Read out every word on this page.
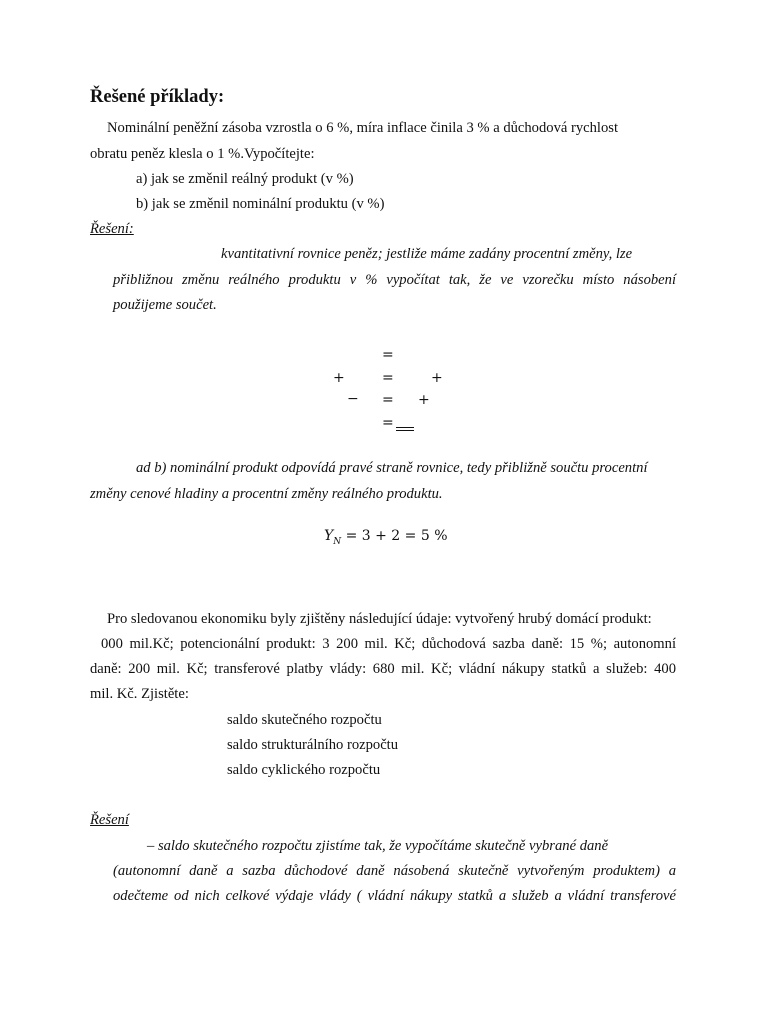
Řešené příklady:
Nominální peněžní zásoba vzrostla o 6 %, míra inflace činila 3 % a důchodová rychlost
obratu peněz klesla o 1 %.Vypočítejte:
a) jak se změnil reálný produkt (v %)
b) jak se změnil nominální produktu (v %)
Řešení:
kvantitativní rovnice peněz; jestliže máme zadány procentní změny, lze
přibližnou změnu reálného produktu v % vypočítat tak, že ve vzorečku místo násobení
použijeme součet.
=
+	=	+
− = +
=
ad b) nominální produkt odpovídá pravé straně rovnice, tedy přibližně součtu procentní
změny cenové hladiny a procentní změny reálného produktu.
$Y_N = 3 + 2 = 5$ %
Pro sledovanou ekonomiku byly zjištěny následující údaje: vytvořený hrubý domácí produkt:
000 mil.Kč; potencionální produkt: 3 200 mil. Kč; důchodová sazba daně: 15 %; autonomní
daně: 200 mil. Kč; transferové platby vlády: 680 mil. Kč; vládní nákupy statků a služeb: 400
mil. Kč. Zjistěte:
saldo skutečného rozpočtu
saldo strukturálního rozpočtu
saldo cyklického rozpočtu
Řešení
– saldo skutečného rozpočtu zjistíme tak, že vypočítáme skutečně vybrané daně
(autonomní daně a sazba důchodové daně násobená skutečně vytvořeným produktem) a
odečteme od nich celkové výdaje vlády ( vládní nákupy statků a služeb a vládní transferové
